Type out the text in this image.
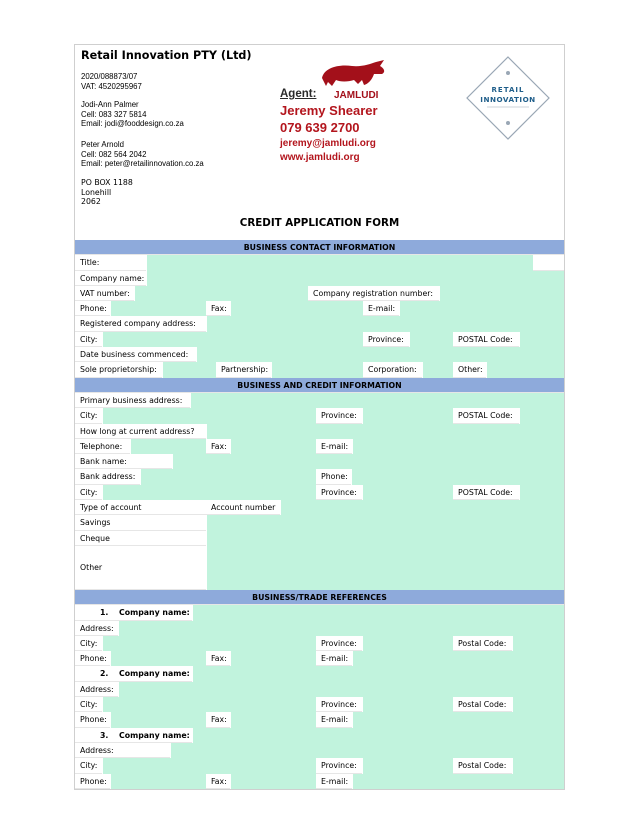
Retail Innovation PTY (Ltd)
2020/088873/07
VAT: 4520295967
Jodi-Ann Palmer
Cell: 083 327 5814
Email: jodi@fooddesign.co.za
Peter Arnold
Cell: 082 564 2042
Email: peter@retailinnovation.co.za
PO BOX 1188
Lonehill
2062
Agent: JAMLUDI
Jeremy Shearer
079 639 2700
jeremy@jamludi.org
www.jamludi.org
RETAIL
INNOVATION
CREDIT APPLICATION FORM
BUSINESS CONTACT INFORMATION
Title:
Company name:
VAT number:	Company registration number:
Phone:	Fax:	E-mail:
Registered company address:
City:	Province:	POSTAL Code:
Date business commenced:
Sole proprietorship:	Partnership:	Corporation:	Other:
BUSINESS AND CREDIT INFORMATION
Primary business address:
City:	Province:	POSTAL Code:
How long at current address?
Telephone:	Fax:	E-mail:
Bank name:
Bank address:	Phone:
City:	Province:	POSTAL Code:
Type of account	Account number
Savings
Cheque
Other
BUSINESS/TRADE REFERENCES
1.	Company name:
Address:
City:	Province:	Postal Code:
Phone:	Fax:	E-mail:
2.	Company name:
Address:
City:	Province:	Postal Code:
Phone:	Fax:	E-mail:
3.	Company name:
Address:
City:	Province:	Postal Code:
Phone:	Fax:	E-mail:
